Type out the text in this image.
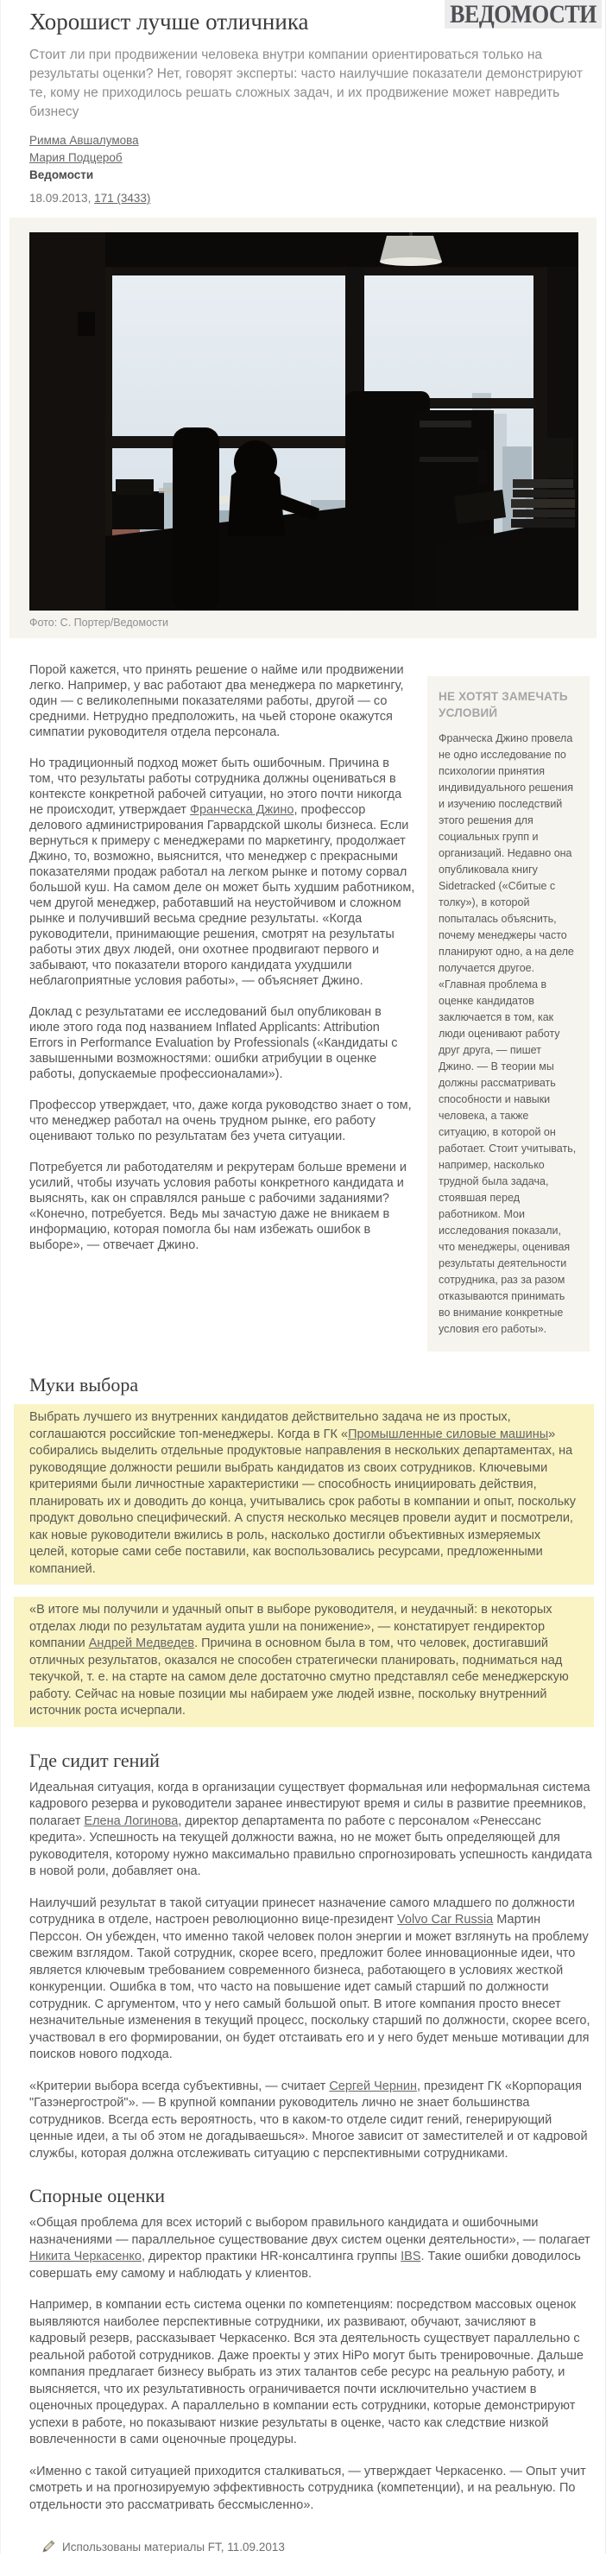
ВЕДОМОСТИ
Хорошист лучше отличника
Стоит ли при продвижении человека внутри компании ориентироваться только на результаты оценки? Нет, говорят эксперты: часто наилучшие показатели демонстрируют те, кому не приходилось решать сложных задач, и их продвижение может навредить бизнесу
Римма Авшалумова
Мария Подцероб
Ведомости
18.09.2013, 171 (3433)
Фото: С. Портер/Ведомости

Порой кажется, что принять решение о найме или продвижении легко. Например, у вас работают два менеджера по маркетингу, один — с великолепными показателями работы, другой — со средними. Нетрудно предположить, на чьей стороне окажутся симпатии руководителя отдела персонала.

Но традиционный подход может быть ошибочным. Причина в том, что результаты работы сотрудника должны оцениваться в контексте конкретной рабочей ситуации, но этого почти никогда не происходит, утверждает Франческа Джино, профессор делового администрирования Гарвардской школы бизнеса. Если вернуться к примеру с менеджерами по маркетингу, продолжает Джино, то, возможно, выяснится, что менеджер с прекрасными показателями продаж работал на легком рынке и потому сорвал большой куш. На самом деле он может быть худшим работником, чем другой менеджер, работавший на неустойчивом и сложном рынке и получивший весьма средние результаты. «Когда руководители, принимающие решения, смотрят на результаты работы этих двух людей, они охотнее продвигают первого и забывают, что показатели второго кандидата ухудшили неблагоприятные условия работы», — объясняет Джино.

Доклад с результатами ее исследований был опубликован в июле этого года под названием Inflated Applicants: Attribution Errors in Performance Evaluation by Professionals («Кандидаты с завышенными возможностями: ошибки атрибуции в оценке работы, допускаемые профессионалами»).

Профессор утверждает, что, даже когда руководство знает о том, что менеджер работал на очень трудном рынке, его работу оценивают только по результатам без учета ситуации.

Потребуется ли работодателям и рекрутерам больше времени и усилий, чтобы изучать условия работы конкретного кандидата и выяснять, как он справлялся раньше с рабочими заданиями? «Конечно, потребуется. Ведь мы зачастую даже не вникаем в информацию, которая помогла бы нам избежать ошибок в выборе», — отвечает Джино.

НЕ ХОТЯТ ЗАМЕЧАТЬ УСЛОВИЙ

Франческа Джино провела не одно исследование по психологии принятия индивидуального решения и изучению последствий этого решения для социальных групп и организаций. Недавно она опубликовала книгу Sidetracked («Сбитые с толку»), в которой попыталась объяснить, почему менеджеры часто планируют одно, а на деле получается другое. «Главная проблема в оценке кандидатов заключается в том, как люди оценивают работу друг друга, — пишет Джино. — В теории мы должны рассматривать способности и навыки человека, а также ситуацию, в которой он работает. Стоит учитывать, например, насколько трудной была задача, стоявшая перед работником. Мои исследования показали, что менеджеры, оценивая результаты деятельности сотрудника, раз за разом отказываются принимать во внимание конкретные условия его работы».

Муки выбора

Выбрать лучшего из внутренних кандидатов действительно задача не из простых, соглашаются российские топ-менеджеры. Когда в ГК «Промышленные силовые машины» собирались выделить отдельные продуктовые направления в нескольких департаментах, на руководящие должности решили выбрать кандидатов из своих сотрудников. Ключевыми критериями были личностные характеристики — способность инициировать действия, планировать их и доводить до конца, учитывались срок работы в компании и опыт, поскольку продукт довольно специфический. А спустя несколько месяцев провели аудит и посмотрели, как новые руководители вжились в роль, насколько достигли объективных измеряемых целей, которые сами себе поставили, как воспользовались ресурсами, предложенными компанией.

«В итоге мы получили и удачный опыт в выборе руководителя, и неудачный: в некоторых отделах люди по результатам аудита ушли на понижение», — констатирует гендиректор компании Андрей Медведев. Причина в основном была в том, что человек, достигавший отличных результатов, оказался не способен стратегически планировать, подниматься над текучкой, т. е. на старте на самом деле достаточно смутно представлял себе менеджерскую работу. Сейчас на новые позиции мы набираем уже людей извне, поскольку внутренний источник роста исчерпали.

Где сидит гений

Идеальная ситуация, когда в организации существует формальная или неформальная система кадрового резерва и руководители заранее инвестируют время и силы в развитие преемников, полагает Елена Логинова, директор департамента по работе с персоналом «Ренессанс кредита». Успешность на текущей должности важна, но не может быть определяющей для руководителя, которому нужно максимально правильно спрогнозировать успешность кандидата в новой роли, добавляет она.

Наилучший результат в такой ситуации принесет назначение самого младшего по должности сотрудника в отделе, настроен революционно вице-президент Volvo Car Russia Мартин Перссон. Он убежден, что именно такой человек полон энергии и может взглянуть на проблему свежим взглядом. Такой сотрудник, скорее всего, предложит более инновационные идеи, что является ключевым требованием современного бизнеса, работающего в условиях жесткой конкуренции. Ошибка в том, что часто на повышение идет самый старший по должности сотрудник. С аргументом, что у него самый большой опыт. В итоге компания просто внесет незначительные изменения в текущий процесс, поскольку старший по должности, скорее всего, участвовал в его формировании, он будет отстаивать его и у него будет меньше мотивации для поисков нового подхода.

«Критерии выбора всегда субъективны, — считает Сергей Чернин, президент ГК «Корпорация "Газэнергострой"». — В крупной компании руководитель лично не знает большинства сотрудников. Всегда есть вероятность, что в каком-то отделе сидит гений, генерирующий ценные идеи, а ты об этом не догадываешься». Многое зависит от заместителей и от кадровой службы, которая должна отслеживать ситуацию с перспективными сотрудниками.

Спорные оценки

«Общая проблема для всех историй с выбором правильного кандидата и ошибочными назначениями — параллельное существование двух систем оценки деятельности», — полагает Никита Черкасенко, директор практики HR-консалтинга группы IBS. Такие ошибки доводилось совершать ему самому и наблюдать у клиентов.

Например, в компании есть система оценки по компетенциям: посредством массовых оценок выявляются наиболее перспективные сотрудники, их развивают, обучают, зачисляют в кадровый резерв, рассказывает Черкасенко. Вся эта деятельность существует параллельно с реальной работой сотрудников. Даже проекты у этих HiPo могут быть тренировочные. Дальше компания предлагает бизнесу выбрать из этих талантов себе ресурс на реальную работу, и выясняется, что их результативность ограничивается почти исключительно участием в оценочных процедурах. А параллельно в компании есть сотрудники, которые демонстрируют успехи в работе, но показывают низкие результаты в оценке, часто как следствие низкой вовлеченности в сами оценочные процедуры.

«Именно с такой ситуацией приходится сталкиваться, — утверждает Черкасенко. — Опыт учит смотреть и на прогнозируемую эффективность сотрудника (компетенции), и на реальную. По отдельности это рассматривать бессмысленно».

Использованы материалы FT, 11.09.2013
